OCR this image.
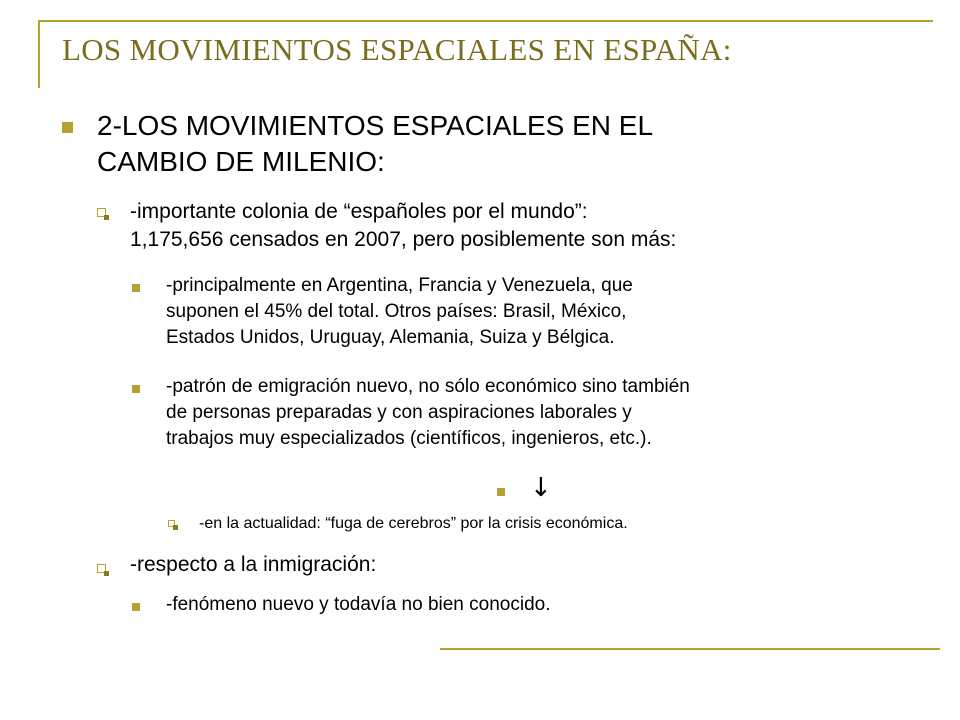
LOS MOVIMIENTOS ESPACIALES EN ESPAÑA:
2-LOS MOVIMIENTOS ESPACIALES EN EL
CAMBIO DE MILENIO:
-importante colonia de “españoles por el mundo”:
1,175,656 censados en 2007, pero posiblemente son más:
-principalmente en Argentina, Francia y Venezuela, que
suponen el 45% del total. Otros países: Brasil, México,
Estados Unidos, Uruguay, Alemania, Suiza y Bélgica.
-patrón de emigración nuevo, no sólo económico sino también
de personas preparadas y con aspiraciones laborales y
trabajos muy especializados (científicos, ingenieros, etc.).
↓
-en la actualidad: “fuga de cerebros” por la crisis económica.
-respecto a la inmigración:
-fenómeno nuevo y todavía no bien conocido.
